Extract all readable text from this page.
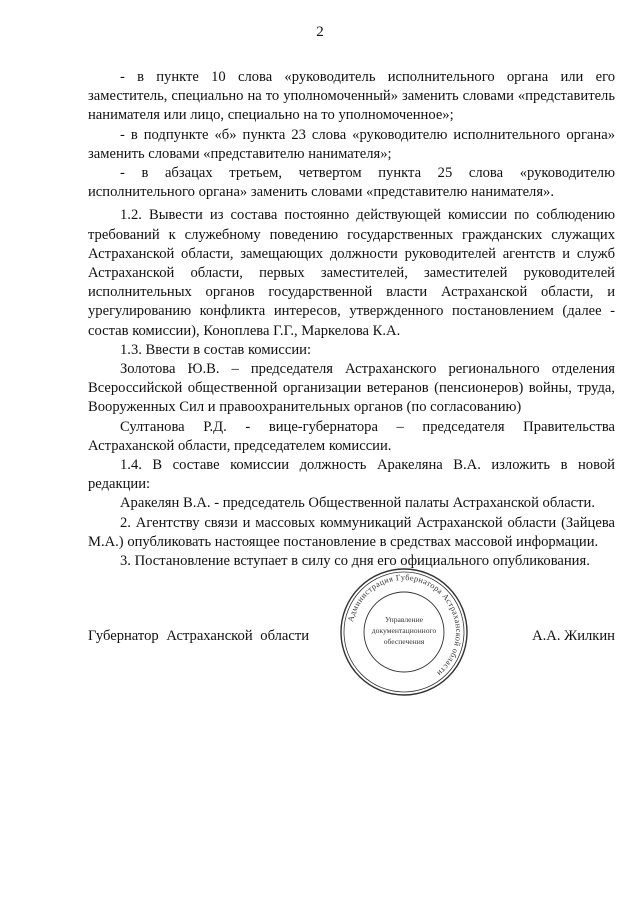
2

- в пункте 10 слова «руководитель исполнительного органа или его заместитель, специально на то уполномоченный» заменить словами «представитель нанимателя или лицо, специально на то уполномоченное»;

- в подпункте «б» пункта 23 слова «руководителю исполнительного органа» заменить словами «представителю нанимателя»;

- в абзацах третьем, четвертом пункта 25 слова «руководителю исполнительного органа» заменить словами «представителю нанимателя».

1.2. Вывести из состава постоянно действующей комиссии по соблюдению требований к служебному поведению государственных гражданских служащих Астраханской области, замещающих должности руководителей агентств и служб Астраханской области, первых заместителей, заместителей руководителей исполнительных органов государственной власти Астраханской области, и урегулированию конфликта интересов, утвержденного постановлением (далее - состав комиссии), Коноплева Г.Г., Маркелова К.А.

1.3. Ввести в состав комиссии:

Золотова Ю.В. – председателя Астраханского регионального отделения Всероссийской общественной организации ветеранов (пенсионеров) войны, труда, Вооруженных Сил и правоохранительных органов (по согласованию)

Султанова Р.Д. - вице-губернатора – председателя Правительства Астраханской области, председателем комиссии.

1.4. В составе комиссии должность Аракеляна В.А. изложить в новой редакции:

Аракелян В.А. - председатель Общественной палаты Астраханской области.

2. Агентству связи и массовых коммуникаций Астраханской области (Зайцева М.А.) опубликовать настоящее постановление в средствах массовой информации.

3. Постановление вступает в силу со дня его официального опубликования.

Губернатор Астраханской области	А.А. Жилкин
Администрация Губернатора Астраханской области
Управление
документационного
обеспечения
